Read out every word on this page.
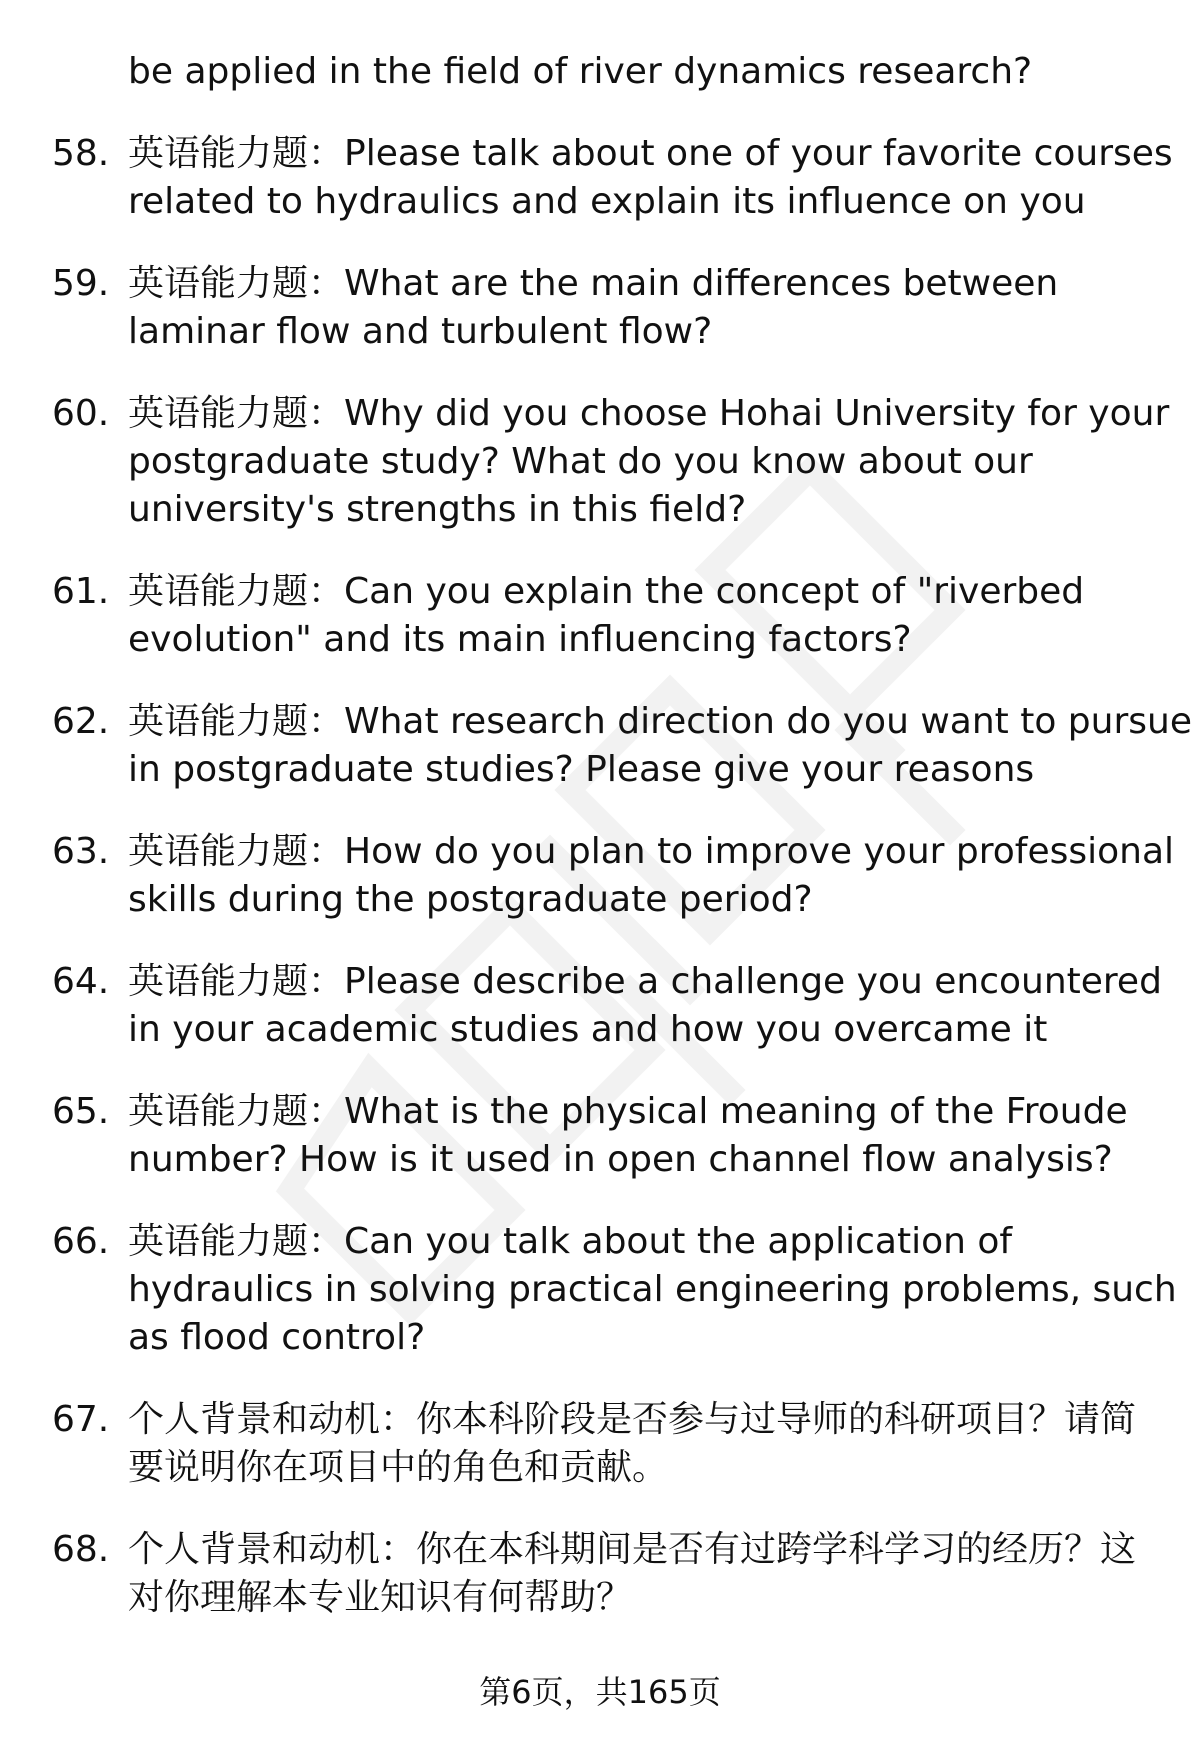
be applied in the field of river dynamics research?
58. 英语能力题：Please talk about one of your favorite courses
related to hydraulics and explain its influence on you
59. 英语能力题：What are the main differences between
laminar flow and turbulent flow?
60. 英语能力题：Why did you choose Hohai University for your
postgraduate study? What do you know about our
university's strengths in this field?
61. 英语能力题：Can you explain the concept of "riverbed
evolution" and its main influencing factors?
62. 英语能力题：What research direction do you want to pursue
in postgraduate studies? Please give your reasons
63. 英语能力题：How do you plan to improve your professional
skills during the postgraduate period?
64. 英语能力题：Please describe a challenge you encountered
in your academic studies and how you overcame it
65. 英语能力题：What is the physical meaning of the Froude
number? How is it used in open channel flow analysis?
66. 英语能力题：Can you talk about the application of
hydraulics in solving practical engineering problems, such
as flood control?
67. 个人背景和动机：你本科阶段是否参与过导师的科研项目？请简
要说明你在项目中的角色和贡献。
68. 个人背景和动机：你在本科期间是否有过跨学科学习的经历？这
对你理解本专业知识有何帮助？
第6页，共165页
